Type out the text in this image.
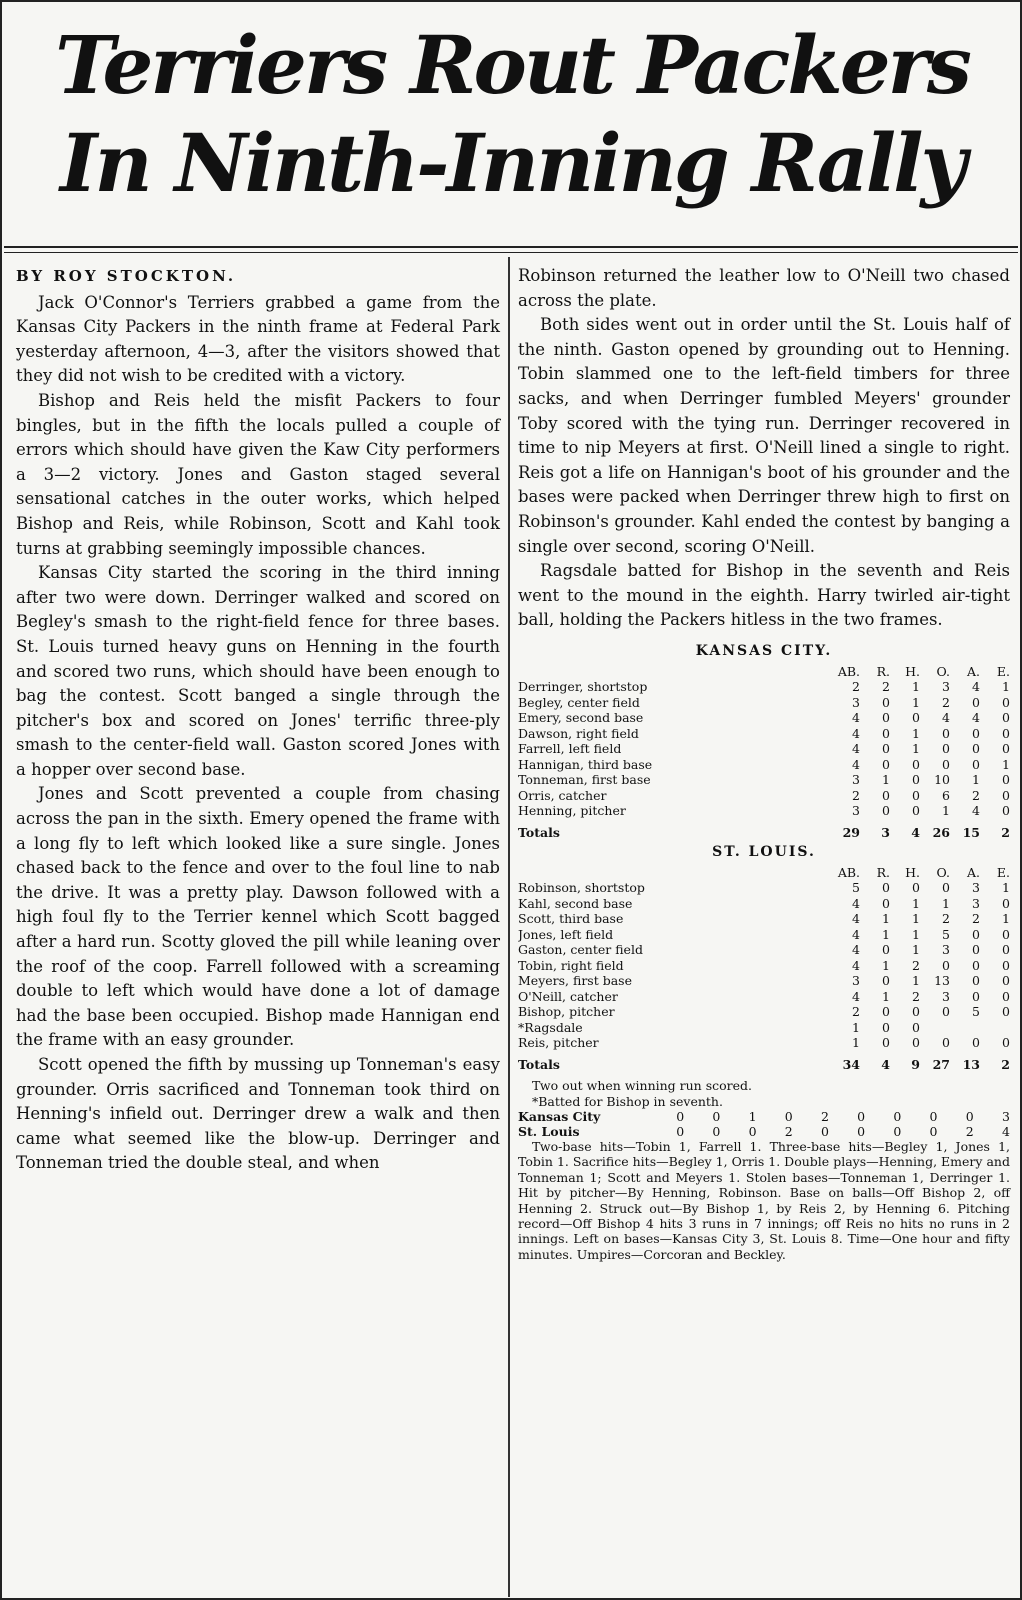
Terriers Rout Packers
In Ninth-Inning Rally

BY ROY STOCKTON.

Jack O'Connor's Terriers grabbed a game from the Kansas City Packers in the ninth frame at Federal Park yesterday afternoon, 4—3, after the visitors showed that they did not wish to be credited with a victory.

Bishop and Reis held the misfit Packers to four bingles, but in the fifth the locals pulled a couple of errors which should have given the Kaw City performers a 3—2 victory. Jones and Gaston staged several sensational catches in the outer works, which helped Bishop and Reis, while Robinson, Scott and Kahl took turns at grabbing seemingly impossible chances.

Kansas City started the scoring in the third inning after two were down. Derringer walked and scored on Begley's smash to the right-field fence for three bases. St. Louis turned heavy guns on Henning in the fourth and scored two runs, which should have been enough to bag the contest. Scott banged a single through the pitcher's box and scored on Jones' terrific three-ply smash to the center-field wall. Gaston scored Jones with a hopper over second base.

Jones and Scott prevented a couple from chasing across the pan in the sixth. Emery opened the frame with a long fly to left which looked like a sure single. Jones chased back to the fence and over to the foul line to nab the drive. It was a pretty play. Dawson followed with a high foul fly to the Terrier kennel which Scott bagged after a hard run. Scotty gloved the pill while leaning over the roof of the coop. Farrell followed with a screaming double to left which would have done a lot of damage had the base been occupied. Bishop made Hannigan end the frame with an easy grounder.

Scott opened the fifth by mussing up Tonneman's easy grounder. Orris sacrificed and Tonneman took third on Henning's infield out. Derringer drew a walk and then came what seemed like the blow-up. Derringer and Tonneman tried the double steal, and when

Robinson returned the leather low to O'Neill two chased across the plate.

Both sides went out in order until the St. Louis half of the ninth. Gaston opened by grounding out to Henning. Tobin slammed one to the left-field timbers for three sacks, and when Derringer fumbled Meyers' grounder Toby scored with the tying run. Derringer recovered in time to nip Meyers at first. O'Neill lined a single to right. Reis got a life on Hannigan's boot of his grounder and the bases were packed when Derringer threw high to first on Robinson's grounder. Kahl ended the contest by banging a single over second, scoring O'Neill.

Ragsdale batted for Bishop in the seventh and Reis went to the mound in the eighth. Harry twirled air-tight ball, holding the Packers hitless in the two frames.

KANSAS CITY.
	AB.	R.	H.	O.	A.	E.
Derringer, shortstop	2	2	1	3	4	1
Begley, center field	3	0	1	2	0	0
Emery, second base	4	0	0	4	4	0
Dawson, right field	4	0	1	0	0	0
Farrell, left field	4	0	1	0	0	0
Hannigan, third base	4	0	0	0	0	1
Tonneman, first base	3	1	0	10	1	0
Orris, catcher	2	0	0	6	2	0
Henning, pitcher	3	0	0	1	4	0
Totals	29	3	4	26	15	2
ST. LOUIS.
	AB.	R.	H.	O.	A.	E.
Robinson, shortstop	5	0	0	0	3	1
Kahl, second base	4	0	1	1	3	0
Scott, third base	4	1	1	2	2	1
Jones, left field	4	1	1	5	0	0
Gaston, center field	4	0	1	3	0	0
Tobin, right field	4	1	2	0	0	0
Meyers, first base	3	0	1	13	0	0
O'Neill, catcher	4	1	2	3	0	0
Bishop, pitcher	2	0	0	0	5	0
*Ragsdale	1	0	0			
Reis, pitcher	1	0	0	0	0	0
Totals	34	4	9	27	13	2

Two out when winning run scored.

*Batted for Bishop in seventh.

Kansas City	0	0	1	0	2	0	0	0	0	3
St. Louis	0	0	0	2	0	0	0	0	2	4

Two-base hits—Tobin 1, Farrell 1. Three-base hits—Begley 1, Jones 1, Tobin 1. Sacrifice hits—Begley 1, Orris 1. Double plays—Henning, Emery and Tonneman 1; Scott and Meyers 1. Stolen bases—Tonneman 1, Derringer 1. Hit by pitcher—By Henning, Robinson. Base on balls—Off Bishop 2, off Henning 2. Struck out—By Bishop 1, by Reis 2, by Henning 6. Pitching record—Off Bishop 4 hits 3 runs in 7 innings; off Reis no hits no runs in 2 innings. Left on bases—Kansas City 3, St. Louis 8. Time—One hour and fifty minutes. Umpires—Corcoran and Beckley.
